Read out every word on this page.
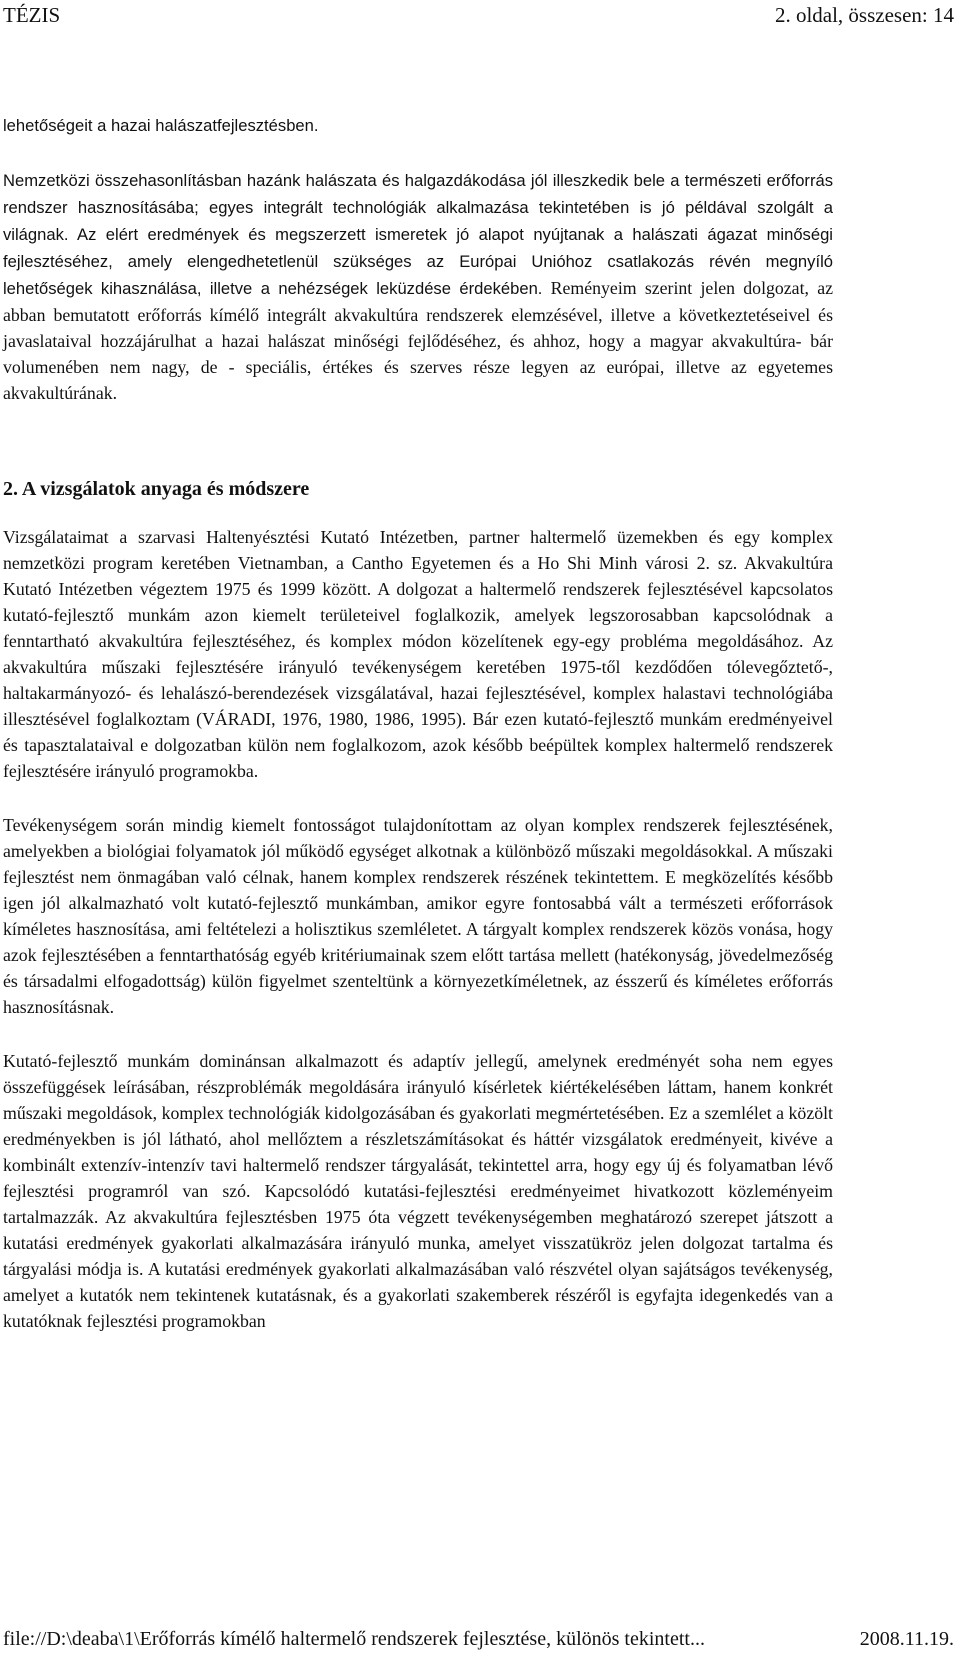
TÉZIS	2. oldal, összesen: 14

lehetőségeit a hazai halászatfejlesztésben.

Nemzetközi összehasonlításban hazánk halászata és halgazdákodása jól illeszkedik bele a természeti erőforrás rendszer hasznosításába; egyes integrált technológiák alkalmazása tekintetében is jó példával szolgált a világnak. Az elért eredmények és megszerzett ismeretek jó alapot nyújtanak a halászati ágazat minőségi fejlesztéséhez, amely elengedhetetlenül szükséges az Európai Unióhoz csatlakozás révén megnyíló lehetőségek kihasználása, illetve a nehézségek leküzdése érdekében. Reményeim szerint jelen dolgozat, az abban bemutatott erőforrás kímélő integrált akvakultúra rendszerek elemzésével, illetve a következtetéseivel és javaslataival hozzájárulhat a hazai halászat minőségi fejlődéséhez, és ahhoz, hogy a magyar akvakultúra- bár volumenében nem nagy, de - speciális, értékes és szerves része legyen az európai, illetve az egyetemes akvakultúrának.

2. A vizsgálatok anyaga és módszere

Vizsgálataimat a szarvasi Haltenyésztési Kutató Intézetben, partner haltermelő üzemekben és egy komplex nemzetközi program keretében Vietnamban, a Cantho Egyetemen és a Ho Shi Minh városi 2. sz. Akvakultúra Kutató Intézetben végeztem 1975 és 1999 között. A dolgozat a haltermelő rendszerek fejlesztésével kapcsolatos kutató-fejlesztő munkám azon kiemelt területeivel foglalkozik, amelyek legszorosabban kapcsolódnak a fenntartható akvakultúra fejlesztéséhez, és komplex módon közelítenek egy-egy probléma megoldásához. Az akvakultúra műszaki fejlesztésére irányuló tevékenységem keretében 1975-től kezdődően tólevegőztető-, haltakarmányozó- és lehalászó-berendezések vizsgálatával, hazai fejlesztésével, komplex halastavi technológiába illesztésével foglalkoztam (VÁRADI, 1976, 1980, 1986, 1995). Bár ezen kutató-fejlesztő munkám eredményeivel és tapasztalataival e dolgozatban külön nem foglalkozom, azok később beépültek komplex haltermelő rendszerek fejlesztésére irányuló programokba.

Tevékenységem során mindig kiemelt fontosságot tulajdonítottam az olyan komplex rendszerek fejlesztésének, amelyekben a biológiai folyamatok jól működő egységet alkotnak a különböző műszaki megoldásokkal. A műszaki fejlesztést nem önmagában való célnak, hanem komplex rendszerek részének tekintettem. E megközelítés később igen jól alkalmazható volt kutató-fejlesztő munkámban, amikor egyre fontosabbá vált a természeti erőforrások kíméletes hasznosítása, ami feltételezi a holisztikus szemléletet. A tárgyalt komplex rendszerek közös vonása, hogy azok fejlesztésében a fenntarthatóság egyéb kritériumainak szem előtt tartása mellett (hatékonyság, jövedelmezőség és társadalmi elfogadottság) külön figyelmet szenteltünk a környezetkíméletnek, az ésszerű és kíméletes erőforrás hasznosításnak.

Kutató-fejlesztő munkám dominánsan alkalmazott és adaptív jellegű, amelynek eredményét soha nem egyes összefüggések leírásában, részproblémák megoldására irányuló kísérletek kiértékelésében láttam, hanem konkrét műszaki megoldások, komplex technológiák kidolgozásában és gyakorlati megmértetésében. Ez a szemlélet a közölt eredményekben is jól látható, ahol mellőztem a részletszámításokat és háttér vizsgálatok eredményeit, kivéve a kombinált extenzív-intenzív tavi haltermelő rendszer tárgyalását, tekintettel arra, hogy egy új és folyamatban lévő fejlesztési programról van szó. Kapcsolódó kutatási-fejlesztési eredményeimet hivatkozott közleményeim tartalmazzák. Az akvakultúra fejlesztésben 1975 óta végzett tevékenységemben meghatározó szerepet játszott a kutatási eredmények gyakorlati alkalmazására irányuló munka, amelyet visszatükröz jelen dolgozat tartalma és tárgyalási módja is. A kutatási eredmények gyakorlati alkalmazásában való részvétel olyan sajátságos tevékenység, amelyet a kutatók nem tekintenek kutatásnak, és a gyakorlati szakemberek részéről is egyfajta idegenkedés van a kutatóknak fejlesztési programokban

file://D:\deaba\1\Erőforrás kímélő haltermelő rendszerek fejlesztése, különös tekintett...	2008.11.19.
